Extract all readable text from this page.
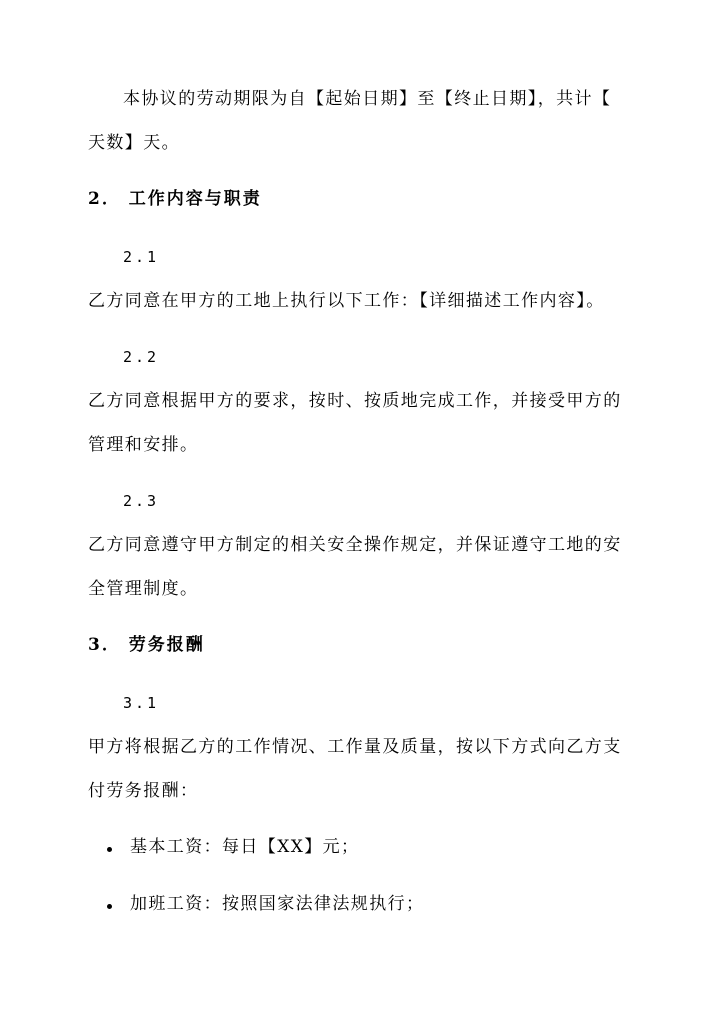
本协议的劳动期限为自【起始日期】至【终止日期】，共计【
天数】天。
2． 工作内容与职责
2.1
乙方同意在甲方的工地上执行以下工作：【详细描述工作内容】。
2.2
乙方同意根据甲方的要求，按时、按质地完成工作，并接受甲方的
管理和安排。
2.3
乙方同意遵守甲方制定的相关安全操作规定，并保证遵守工地的安
全管理制度。
3． 劳务报酬
3.1
甲方将根据乙方的工作情况、工作量及质量，按以下方式向乙方支
付劳务报酬：
基本工资：每日【XX】元；
加班工资：按照国家法律法规执行；
